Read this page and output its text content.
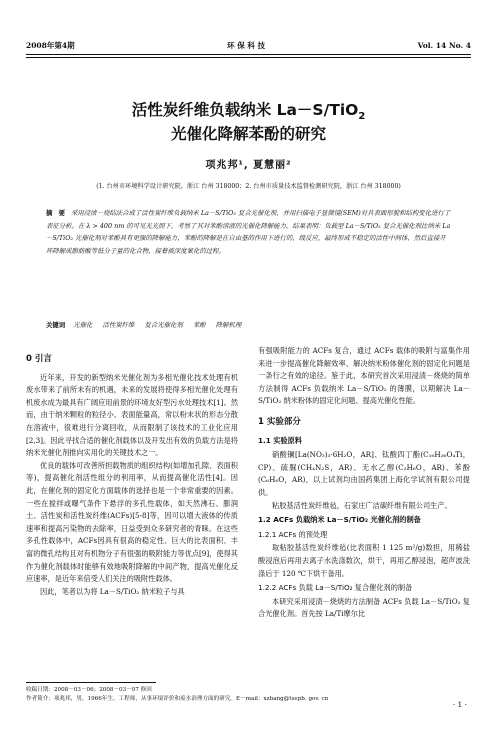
2008年第4期	环 保 科 技	Vol. 14 No. 4
活性炭纤维负载纳米 La－S/TiO$_2$
光催化降解苯酚的研究
项兆邦¹, 夏慧丽²
(1. 台州市环境科学设计研究院，浙江 台州 318000；2. 台州市质量技术监督检测研究院，浙江 台州 318000)
摘 要 采用浸渍－烧结法合成了活性炭纤维负载纳米 La－S/TiO₂ 复合光催化剂，并用扫描电子显微镜(SEM)对其表面形貌和结构变化进行了表征分析。在 λ > 400 nm 的可见光光照下，考察了其对苯酚溶液的光催化降解能力。结果表明：负载型 La－S/TiO₂ 复合光催化剂比纳米 La－S/TiO₂ 光催化剂对苯酚具有更强的降解能力，苯酚的降解是在自由基的作用下进行的，级反应，最终形成不稳定的活性中间体，然后直接开环降解成脂肪酸等低分子量的化合物，接着被深度氧化的过程。
关键词 光催化 活性炭纤维 复合光催化剂 苯酚 降解机理
0 引言

近年来，开发的新型纳米光催化剂为多相光催化技术处理有机废水带来了前所未有的机遇，未来的发展将使得多相光催化处理有机废水成为最具有广阔应用前景的环境友好型污水处理技术[1]。然而，由于纳米颗粒的粒径小、表面能量高，常以粉末状的形态分散在溶液中，很难进行分离回收，从而限制了该技术的工业化应用[2,3]。因此寻找合适的催化剂载体以及开发出有效的负载方法是将纳米光催化剂推向实用化的关键技术之一。

优良的载体可改善所担载物质的组织结构(如增加孔隙、表面积等)，提高催化剂活性组分的利用率，从而提高催化活性[4]。因此，在催化剂的固定化方面载体的选择也是一个非常重要的因素。一些在搅拌或曝气条件下悬浮的多孔性载体，如天然沸石、膨润土、活性炭和活性炭纤维(ACFs)[5-8]等，因可以增大液体的传质速率和提高污染物的去除率，日益受到众多研究者的青睐。在这些多孔性载体中，ACFs因具有很高的稳定性、巨大的比表面积、丰富的微孔结构且对有机物分子有很强的吸附能力等优点[9]，使得其作为催化剂载体时能够有效地吸附降解的中间产物，提高光催化反应速率，是近年来倍受人们关注的吸附性载体。

因此，笔者以为将 La－S/TiO₂ 纳米粒子与具

有强吸附能力的 ACFs 复合，通过 ACFs 载体的吸附与富集作用来进一步提高催化降解效率、解决纳米粉体催化剂的固定化问题是一条行之有效的途径。鉴于此，本研究首次采用浸渍－烧烧的简单方法制得 ACFs 负载纳米 La－S/TiO₂ 的薄膜，以期解决 La－S/TiO₂ 纳米粉体的固定化问题、提高光催化性能。

1 实验部分
1.1 实验原料

硝酸镧[La(NO₃)₃·6H₂O，AR]、钛酸四丁酯(C₁₆H₃₆O₄Ti，CP)、硫脲(CH₄N₂S，AR)、无水乙醇(C₂H₆O，AR)、苯酚(C₆H₆O，AR)，以上试剂均由国药集团上海化学试剂有限公司提供。

粘胶基活性炭纤维毡，石家庄广洁碳纤维有限公司生产。

1.2 ACFs 负载纳米 La－S/TiO₂ 光催化剂的制备
1.2.1 ACFs 的预处理

取粘胶基活性炭纤维毡(比表面积 1 125 m²/g)数担，用稀盐酸浸泡后再用去离子水洗涤数次，烘干，再用乙醇浸泡，超声波洗涤后于 120 ℃下烘干备用。

1.2.2 ACFs 负载 La－S/TiO₂ 复合催化剂的制备

本研究采用浸渍－烧烧的方法制备 ACFs 负载 La－S/TiO₂ 复合光催化剂。首先按 La/Ti摩尔比

收稿日期：2008－03－06；2008－03－07 修回
作者简介：项兆邦，男，1966年生，工程师，从事环境评价和废水治理方面的研究。E－mail：xzbang@tsepb. gov. cn
· 1 ·
